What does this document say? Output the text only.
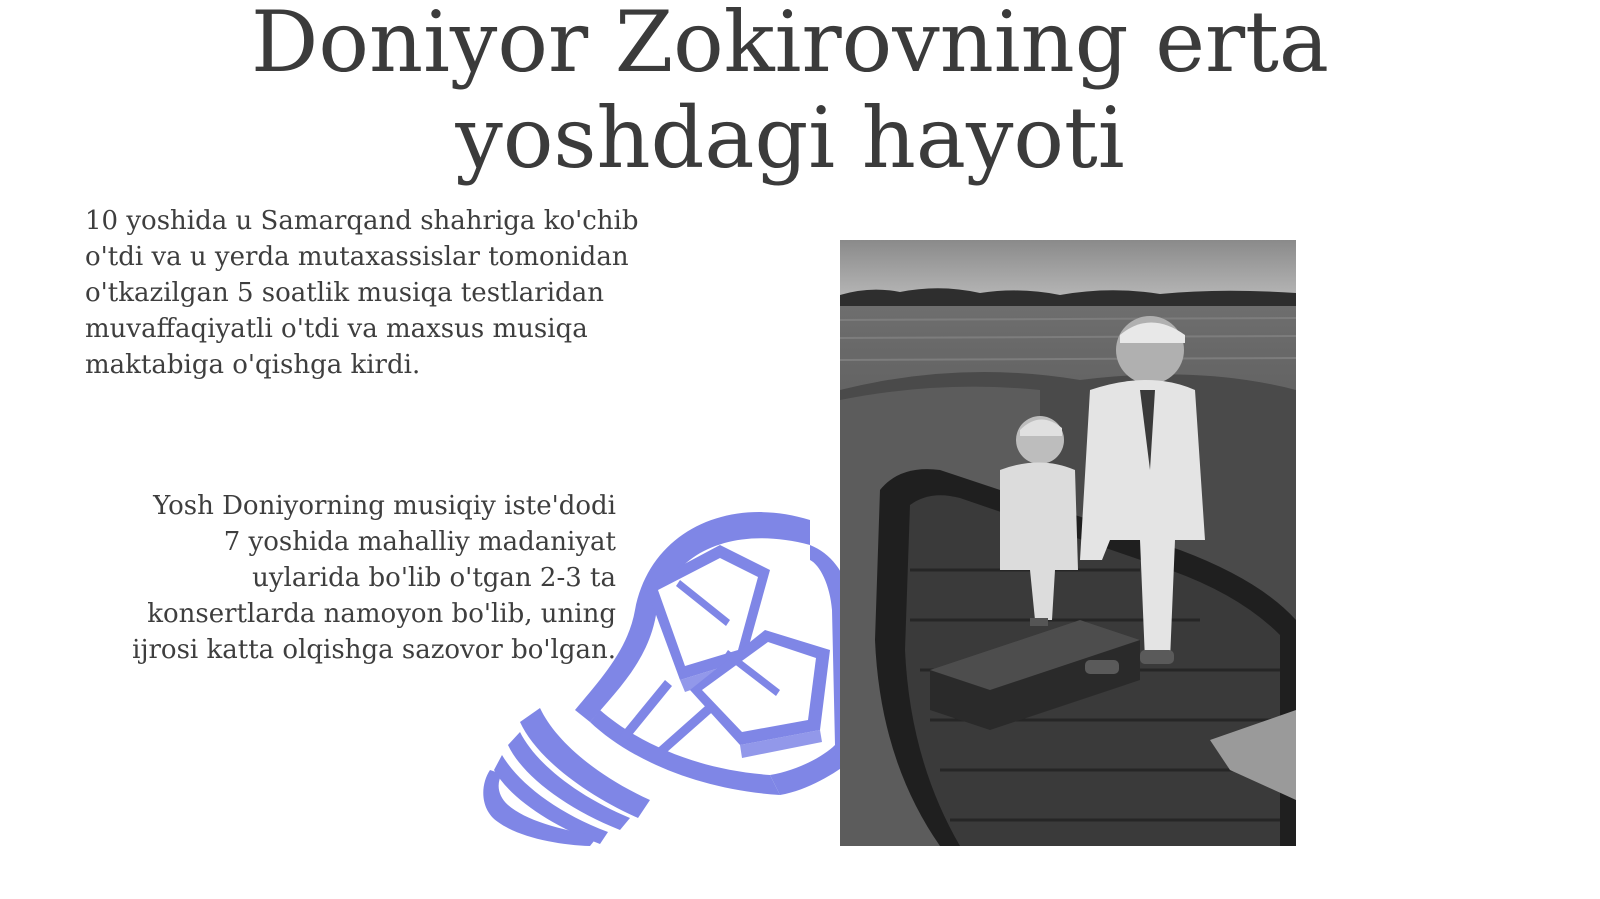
Doniyor Zokirovning erta yoshdagi hayoti

10 yoshida u Samarqand shahriga ko'chib
o'tdi va u yerda mutaxassislar tomonidan
o'tkazilgan 5 soatlik musiqa testlaridan
muvaffaqiyatli o'tdi va maxsus musiqa
maktabiga o'qishga kirdi.

Yosh Doniyorning musiqiy iste'dodi
7 yoshida mahalliy madaniyat
uylarida bo'lib o'tgan 2-3 ta
konsertlarda namoyon bo'lib, uning
ijrosi katta olqishga sazovor bo'lgan.
